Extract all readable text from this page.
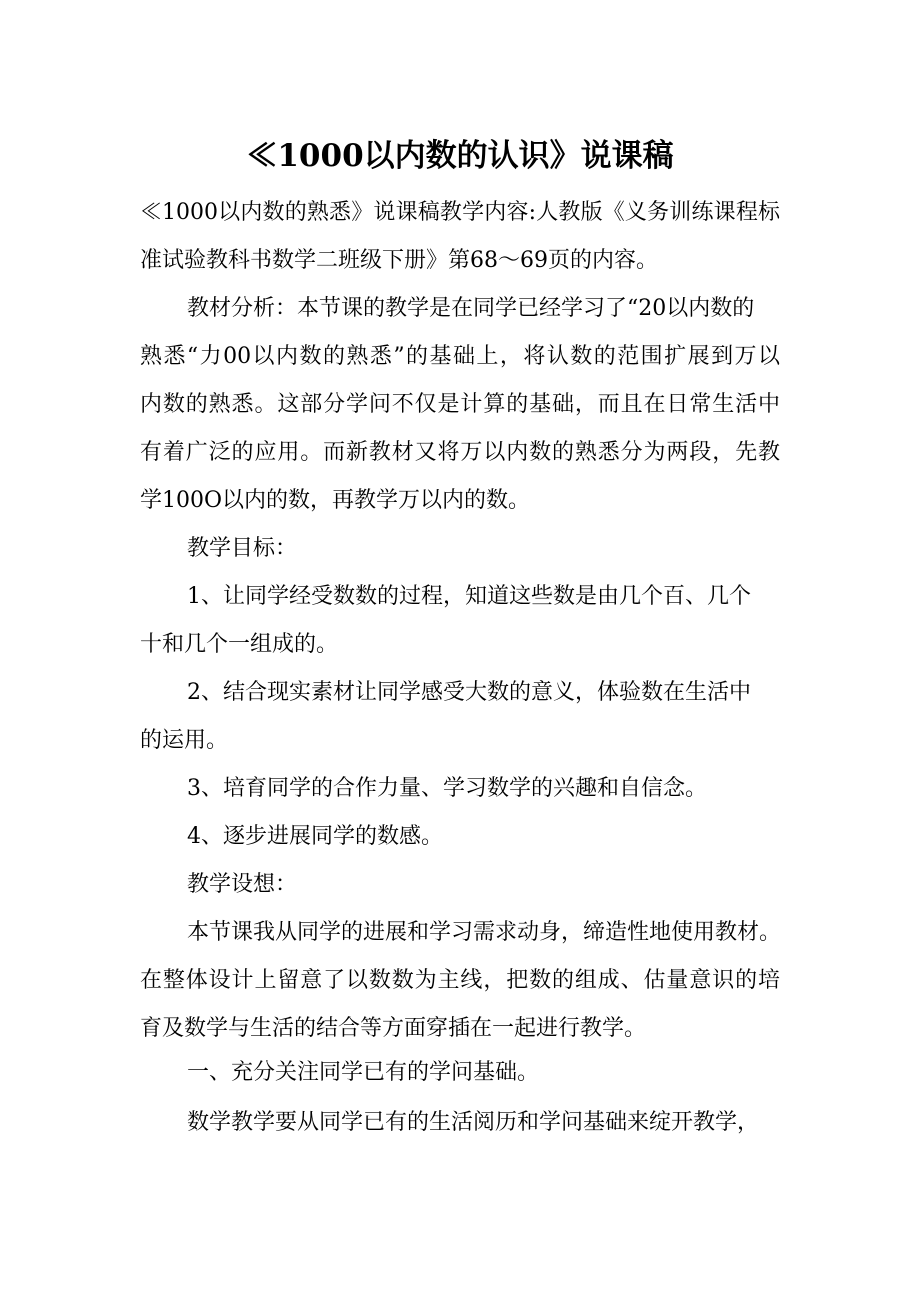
≪1000以内数的认识》说课稿
≪1000以内数的熟悉》说课稿教学内容:人教版《义务训练课程标
准试验教科书数学二班级下册》第68〜69页的内容。
教材分析：本节课的教学是在同学已经学习了“20以内数的
熟悉“力00以内数的熟悉”的基础上，将认数的范围扩展到万以
内数的熟悉。这部分学问不仅是计算的基础，而且在日常生活中
有着广泛的应用。而新教材又将万以内数的熟悉分为两段，先教
学100O以内的数，再教学万以内的数。
教学目标：
1、让同学经受数数的过程，知道这些数是由几个百、几个
十和几个一组成的。
2、结合现实素材让同学感受大数的意义，体验数在生活中
的运用。
3、培育同学的合作力量、学习数学的兴趣和自信念。
4、逐步进展同学的数感。
教学设想：
本节课我从同学的进展和学习需求动身，缔造性地使用教材。
在整体设计上留意了以数数为主线，把数的组成、估量意识的培
育及数学与生活的结合等方面穿插在一起进行教学。
一、充分关注同学已有的学问基础。
数学教学要从同学已有的生活阅历和学问基础来绽开教学，
